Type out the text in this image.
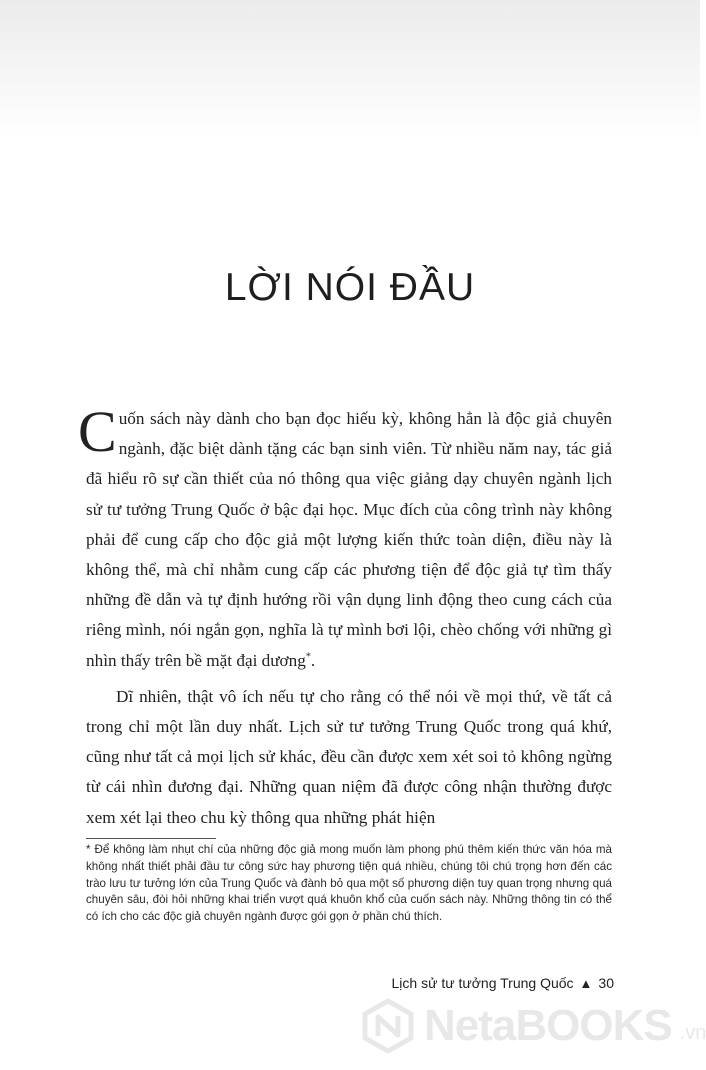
LỜI NÓI ĐẦU

Cuốn sách này dành cho bạn đọc hiếu kỳ, không hẳn là độc giả chuyên ngành, đặc biệt dành tặng các bạn sinh viên. Từ nhiều năm nay, tác giả đã hiểu rõ sự cần thiết của nó thông qua việc giảng dạy chuyên ngành lịch sử tư tưởng Trung Quốc ở bậc đại học. Mục đích của công trình này không phải để cung cấp cho độc giả một lượng kiến thức toàn diện, điều này là không thể, mà chỉ nhằm cung cấp các phương tiện để độc giả tự tìm thấy những đề dẫn và tự định hướng rồi vận dụng linh động theo cung cách của riêng mình, nói ngắn gọn, nghĩa là tự mình bơi lội, chèo chống với những gì nhìn thấy trên bề mặt đại dương*.

Dĩ nhiên, thật vô ích nếu tự cho rằng có thể nói về mọi thứ, về tất cả trong chỉ một lần duy nhất. Lịch sử tư tưởng Trung Quốc trong quá khứ, cũng như tất cả mọi lịch sử khác, đều cần được xem xét soi tỏ không ngừng từ cái nhìn đương đại. Những quan niệm đã được công nhận thường được xem xét lại theo chu kỳ thông qua những phát hiện

* Để không làm nhụt chí của những độc giả mong muốn làm phong phú thêm kiến thức văn hóa mà không nhất thiết phải đầu tư công sức hay phương tiện quá nhiều, chúng tôi chú trọng hơn đến các trào lưu tư tưởng lớn của Trung Quốc và đành bỏ qua một số phương diện tuy quan trọng nhưng quá chuyên sâu, đòi hỏi những khai triển vượt quá khuôn khổ của cuốn sách này. Những thông tin có thể có ích cho các độc giả chuyên ngành được gói gọn ở phần chú thích.
Lịch sử tư tưởng Trung Quốc ▲ 30
NetaBOOKS .vn
